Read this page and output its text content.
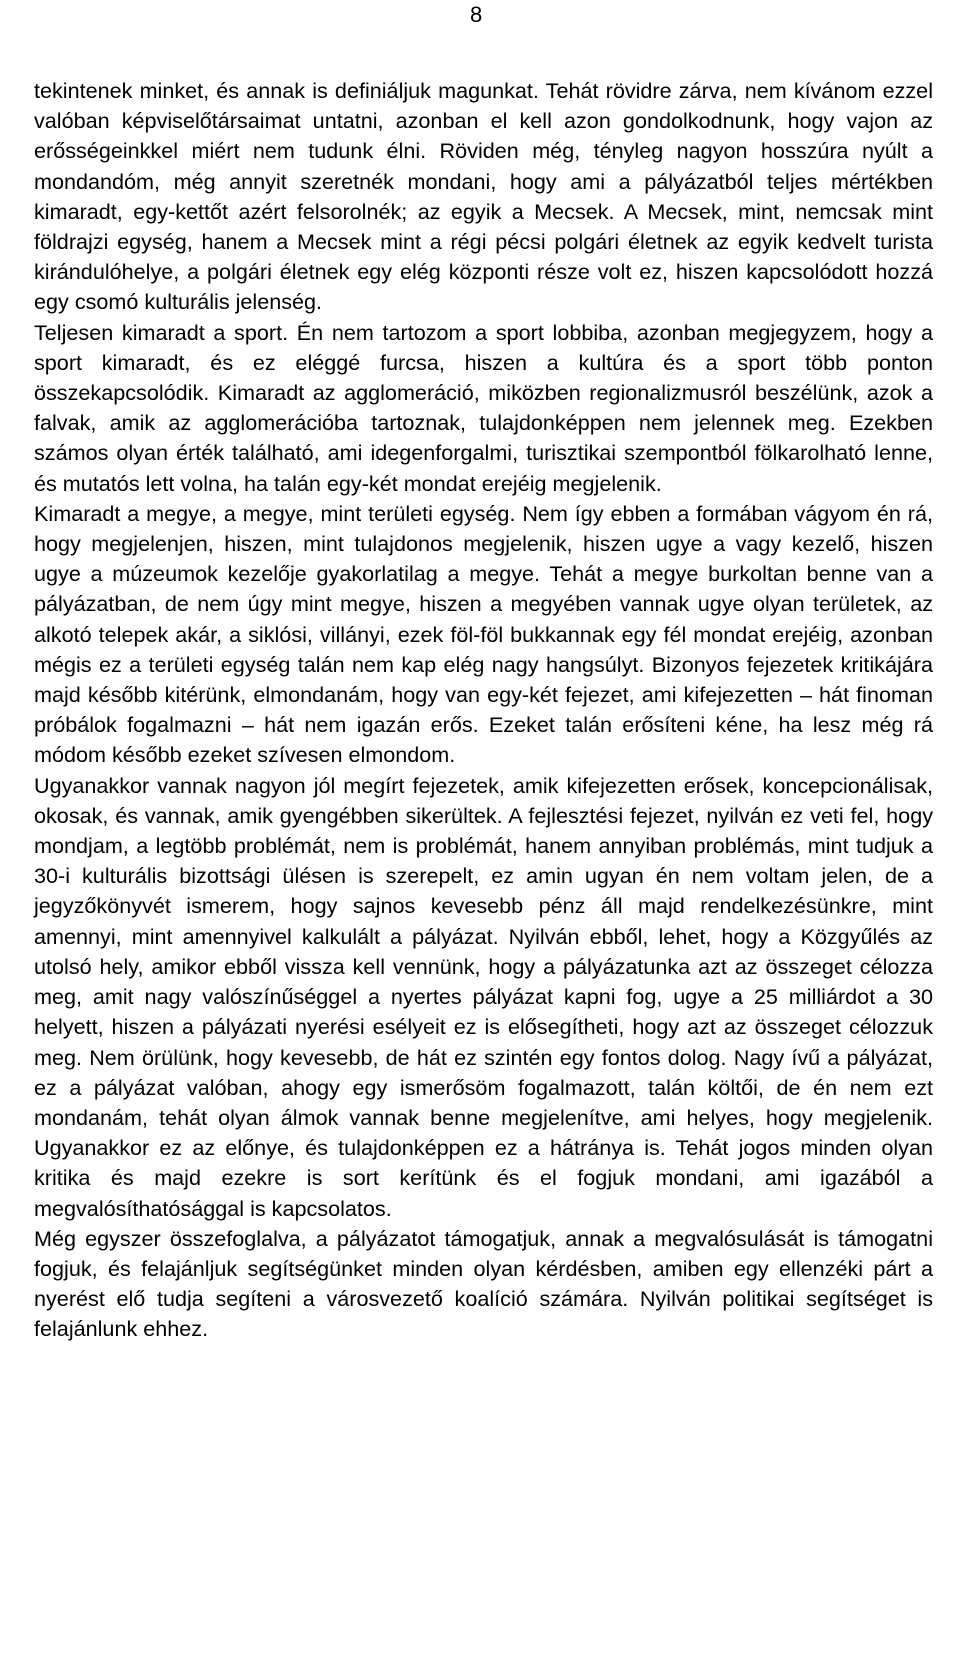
8

tekintenek minket, és annak is definiáljuk magunkat. Tehát rövidre zárva, nem kívánom ezzel valóban képviselőtársaimat untatni, azonban el kell azon gondolkodnunk, hogy vajon az erősségeinkkel miért nem tudunk élni. Röviden még, tényleg nagyon hosszúra nyúlt a mondandóm, még annyit szeretnék mondani, hogy ami a pályázatból teljes mértékben kimaradt, egy-kettőt azért felsorolnék; az egyik a Mecsek. A Mecsek, mint, nemcsak mint földrajzi egység, hanem a Mecsek mint a régi pécsi polgári életnek az egyik kedvelt turista kirándulóhelye, a polgári életnek egy elég központi része volt ez, hiszen kapcsolódott hozzá egy csomó kulturális jelenség.

Teljesen kimaradt a sport. Én nem tartozom a sport lobbiba, azonban megjegyzem, hogy a sport kimaradt, és ez eléggé furcsa, hiszen a kultúra és a sport több ponton összekapcsolódik. Kimaradt az agglomeráció, miközben regionalizmusról beszélünk, azok a falvak, amik az agglomerációba tartoznak, tulajdonképpen nem jelennek meg. Ezekben számos olyan érték található, ami idegenforgalmi, turisztikai szempontból fölkarolható lenne, és mutatós lett volna, ha talán egy-két mondat erejéig megjelenik.

Kimaradt a megye, a megye, mint területi egység. Nem így ebben a formában vágyom én rá, hogy megjelenjen, hiszen, mint tulajdonos megjelenik, hiszen ugye a vagy kezelő, hiszen ugye a múzeumok kezelője gyakorlatilag a megye. Tehát a megye burkoltan benne van a pályázatban, de nem úgy mint megye, hiszen a megyében vannak ugye olyan területek, az alkotó telepek akár, a siklósi, villányi, ezek föl-föl bukkannak egy fél mondat erejéig, azonban mégis ez a területi egység talán nem kap elég nagy hangsúlyt. Bizonyos fejezetek kritikájára majd később kitérünk, elmondanám, hogy van egy-két fejezet, ami kifejezetten – hát finoman próbálok fogalmazni – hát nem igazán erős. Ezeket talán erősíteni kéne, ha lesz még rá módom később ezeket szívesen elmondom.

Ugyanakkor vannak nagyon jól megírt fejezetek, amik kifejezetten erősek, koncepcionálisak, okosak, és vannak, amik gyengébben sikerültek. A fejlesztési fejezet, nyilván ez veti fel, hogy mondjam, a legtöbb problémát, nem is problémát, hanem annyiban problémás, mint tudjuk a 30-i kulturális bizottsági ülésen is szerepelt, ez amin ugyan én nem voltam jelen, de a jegyzőkönyvét ismerem, hogy sajnos kevesebb pénz áll majd rendelkezésünkre, mint amennyi, mint amennyivel kalkulált a pályázat. Nyilván ebből, lehet, hogy a Közgyűlés az utolsó hely, amikor ebből vissza kell vennünk, hogy a pályázatunka azt az összeget célozza meg, amit nagy valószínűséggel a nyertes pályázat kapni fog, ugye a 25 milliárdot a 30 helyett, hiszen a pályázati nyerési esélyeit ez is elősegítheti, hogy azt az összeget célozzuk meg. Nem örülünk, hogy kevesebb, de hát ez szintén egy fontos dolog. Nagy ívű a pályázat, ez a pályázat valóban, ahogy egy ismerősöm fogalmazott, talán költői, de én nem ezt mondanám, tehát olyan álmok vannak benne megjelenítve, ami helyes, hogy megjelenik. Ugyanakkor ez az előnye, és tulajdonképpen ez a hátránya is. Tehát jogos minden olyan kritika és majd ezekre is sort kerítünk és el fogjuk mondani, ami igazából a megvalósíthatósággal is kapcsolatos.

Még egyszer összefoglalva, a pályázatot támogatjuk, annak a megvalósulását is támogatni fogjuk, és felajánljuk segítségünket minden olyan kérdésben, amiben egy ellenzéki párt a nyerést elő tudja segíteni a városvezető koalíció számára. Nyilván politikai segítséget is felajánlunk ehhez.
